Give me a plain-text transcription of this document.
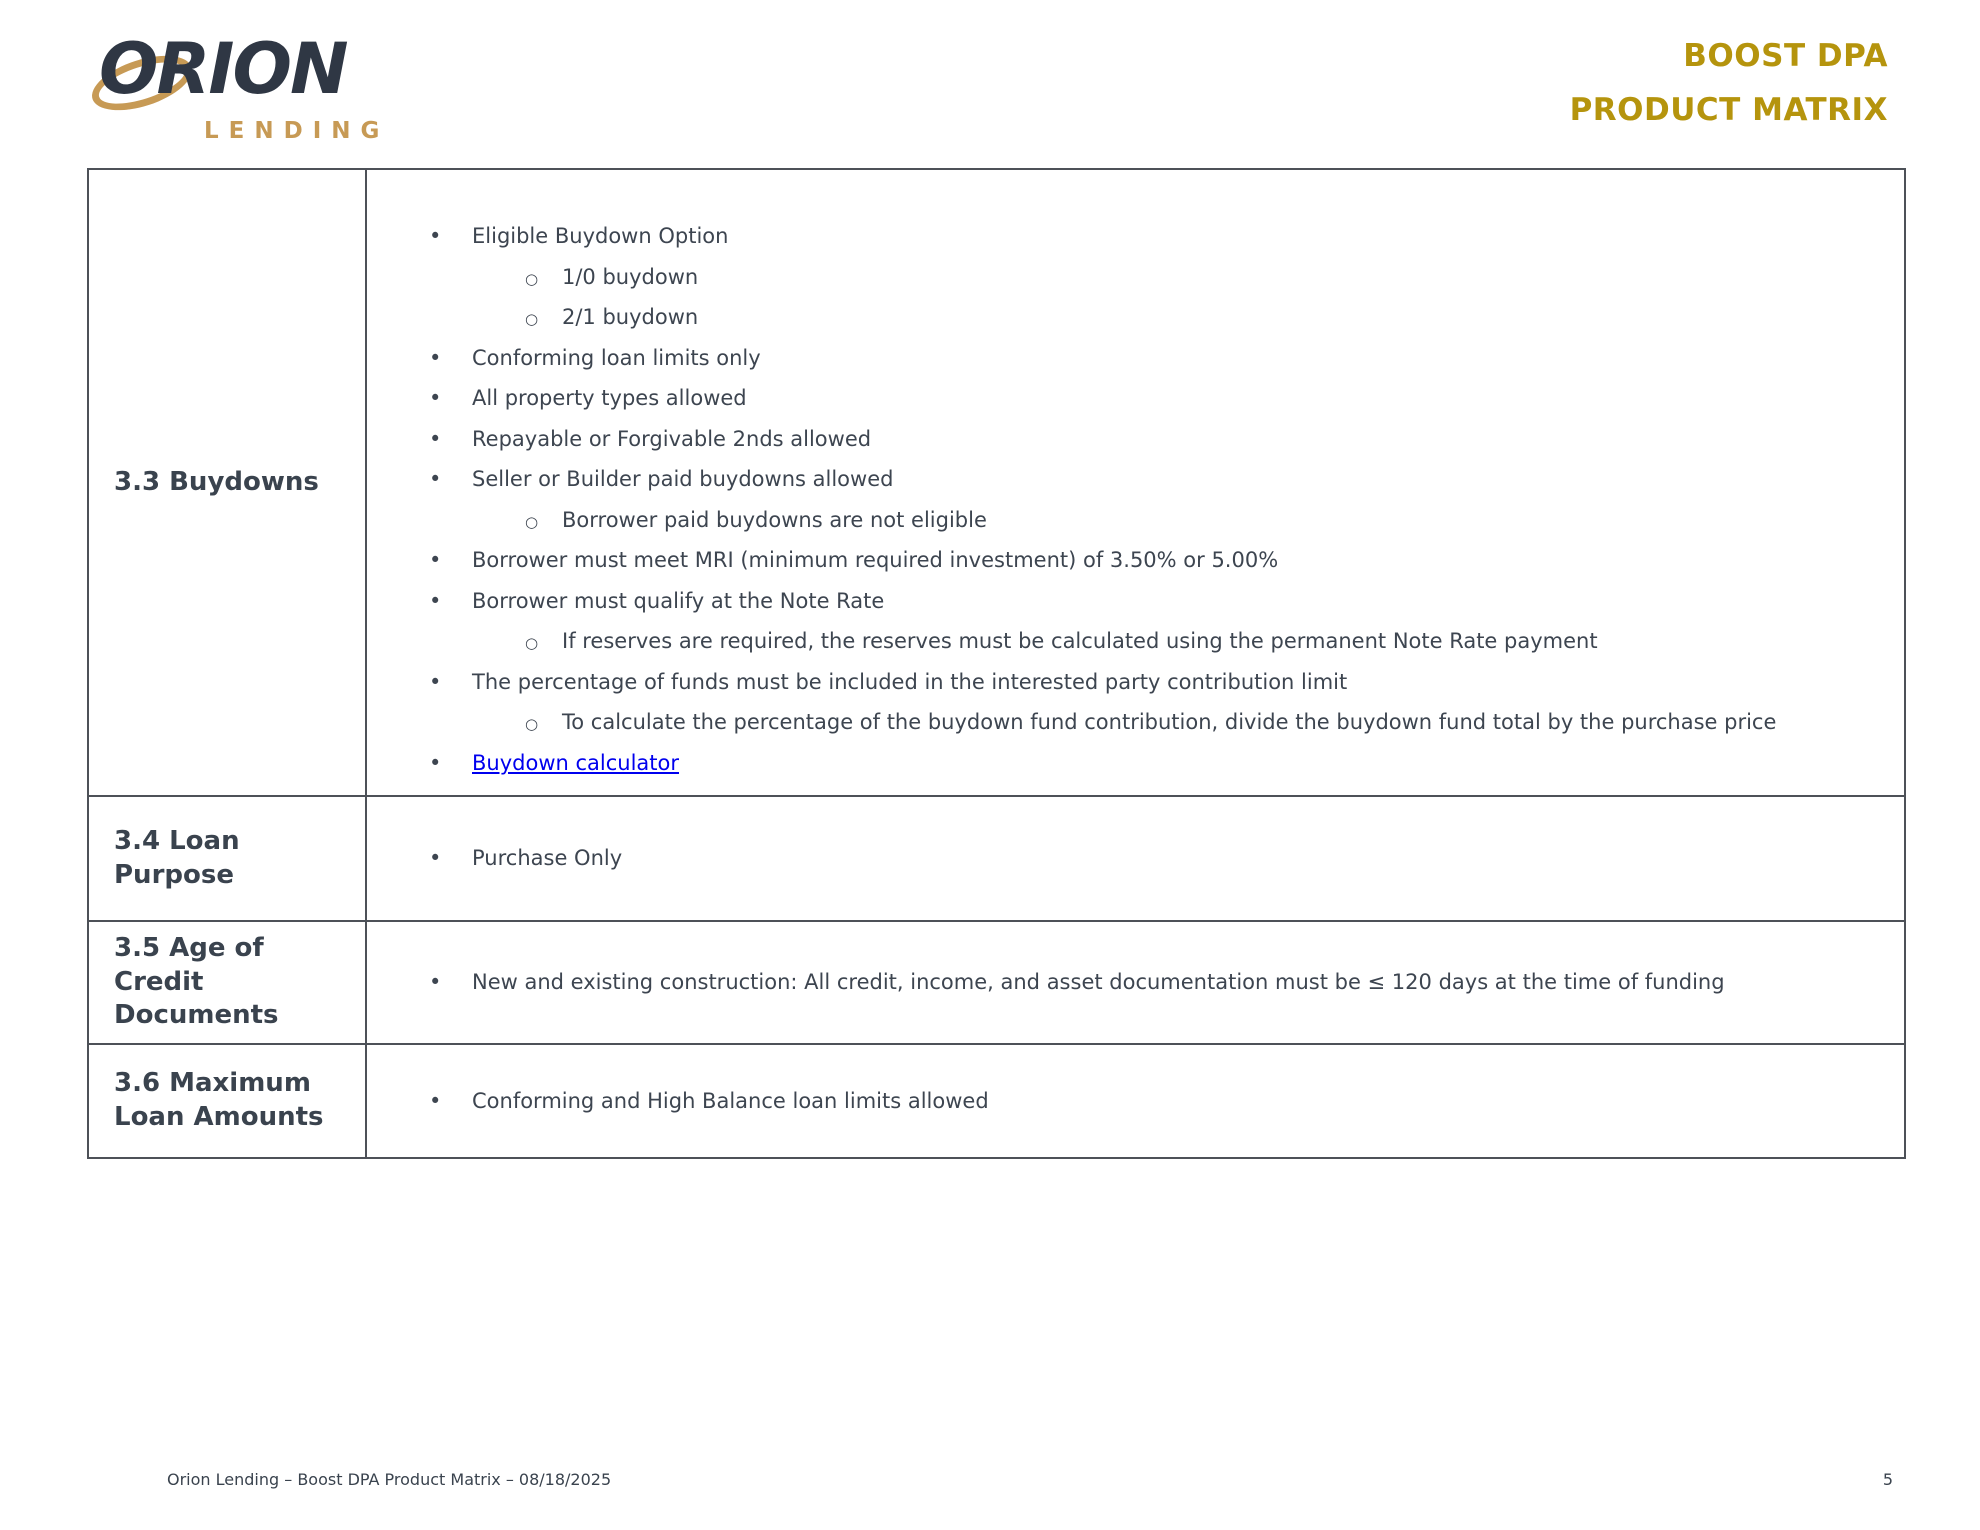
ORION
LENDING
BOOST DPA
PRODUCT MATRIX
3.3 Buydowns
•	Eligible Buydown Option
○	1/0 buydown
○	2/1 buydown
•	Conforming loan limits only
•	All property types allowed
•	Repayable or Forgivable 2nds allowed
•	Seller or Builder paid buydowns allowed
○	Borrower paid buydowns are not eligible
•	Borrower must meet MRI (minimum required investment) of 3.50% or 5.00%
•	Borrower must qualify at the Note Rate
○	If reserves are required, the reserves must be calculated using the permanent Note Rate payment
•	The percentage of funds must be included in the interested party contribution limit
○	To calculate the percentage of the buydown fund contribution, divide the buydown fund total by the purchase price
•	Buydown calculator
3.4 Loan Purpose
•	Purchase Only
3.5 Age of Credit Documents
•	New and existing construction: All credit, income, and asset documentation must be ≤ 120 days at the time of funding
3.6 Maximum Loan Amounts
•	Conforming and High Balance loan limits allowed
Orion Lending – Boost DPA Product Matrix – 08/18/2025	5
